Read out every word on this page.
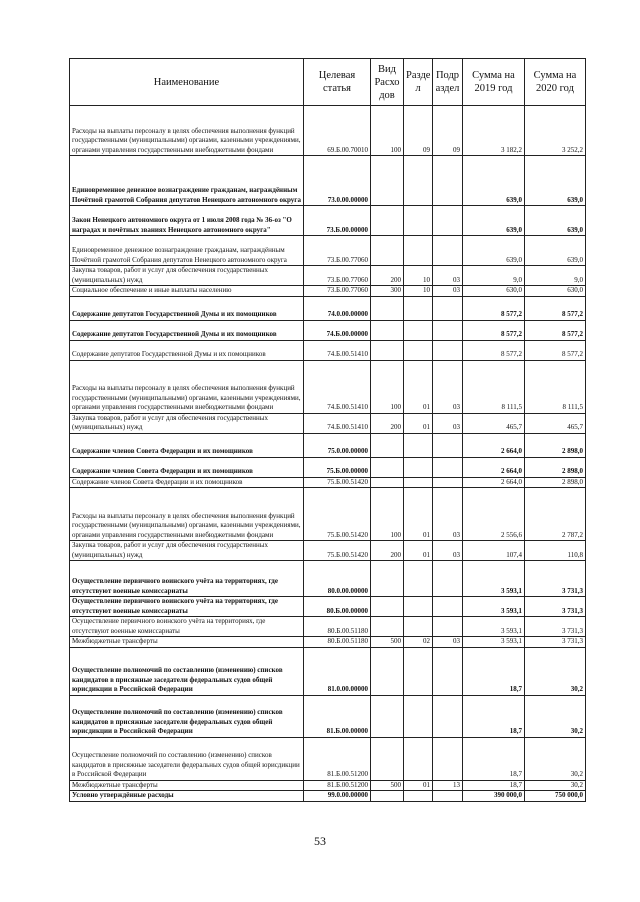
Наименование	Целевая статья	Вид Расхо дов	Разде л	Подр аздел	Сумма на 2019 год	Сумма на 2020 год
Расходы на выплаты персоналу в целях обеспечения выполнения функций государственными (муниципальными) органами, казенными учреждениями, органами управления государственными внебюджетными фондами	69.Б.00.70010	100	09	09	3 182,2	3 252,2
Единовременное денежное вознаграждение гражданам, награждённым Почётной грамотой Собрания депутатов Ненецкого автономного округа	73.0.00.00000				639,0	639,0
Закон Ненецкого автономного округа от 1 июля 2008 года № 36-оз "О наградах и почётных званиях Ненецкого автономного округа"	73.Б.00.00000				639,0	639,0
Единовременное денежное вознаграждение гражданам, награждённым Почётной грамотой Собрания депутатов Ненецкого автономного округа	73.Б.00.77060				639,0	639,0
Закупка товаров, работ и услуг для обеспечения государственных (муниципальных) нужд	73.Б.00.77060	200	10	03	9,0	9,0
Социальное обеспечение и иные выплаты населению	73.Б.00.77060	300	10	03	630,0	630,0
Содержание депутатов Государственной Думы и их помощников	74.0.00.00000				8 577,2	8 577,2
Содержание депутатов Государственной Думы и их помощников	74.Б.00.00000				8 577,2	8 577,2
Содержание депутатов Государственной Думы и их помощников	74.Б.00.51410				8 577,2	8 577,2
Расходы на выплаты персоналу в целях обеспечения выполнения функций государственными (муниципальными) органами, казенными учреждениями, органами управления государственными внебюджетными фондами	74.Б.00.51410	100	01	03	8 111,5	8 111,5
Закупка товаров, работ и услуг для обеспечения государственных (муниципальных) нужд	74.Б.00.51410	200	01	03	465,7	465,7
Содержание членов Совета Федерации и их помощников	75.0.00.00000				2 664,0	2 898,0
Содержание членов Совета Федерации и их помощников	75.Б.00.00000				2 664,0	2 898,0
Содержание членов Совета Федерации и их помощников	75.Б.00.51420				2 664,0	2 898,0
Расходы на выплаты персоналу в целях обеспечения выполнения функций государственными (муниципальными) органами, казенными учреждениями, органами управления государственными внебюджетными фондами	75.Б.00.51420	100	01	03	2 556,6	2 787,2
Закупка товаров, работ и услуг для обеспечения государственных (муниципальных) нужд	75.Б.00.51420	200	01	03	107,4	110,8
Осуществление первичного воинского учёта на территориях, где отсутствуют военные комиссариаты	80.0.00.00000				3 593,1	3 731,3
Осуществление первичного воинского учёта на территориях, где отсутствуют военные комиссариаты	80.Б.00.00000				3 593,1	3 731,3
Осуществление первичного воинского учёта на территориях, где отсутствуют военные комиссариаты	80.Б.00.51180				3 593,1	3 731,3
Межбюджетные трансферты	80.Б.00.51180	500	02	03	3 593,1	3 731,3
Осуществление полномочий по составлению (изменению) списков кандидатов в присяжные заседатели федеральных судов общей юрисдикции в Российской Федерации	81.0.00.00000				18,7	30,2
Осуществление полномочий по составлению (изменению) списков кандидатов в присяжные заседатели федеральных судов общей юрисдикции в Российской Федерации	81.Б.00.00000				18,7	30,2
Осуществление полномочий по составлению (изменению) списков кандидатов в присяжные заседатели федеральных судов общей юрисдикции в Российской Федерации	81.Б.00.51200				18,7	30,2
Межбюджетные трансферты	81.Б.00.51200	500	01	13	18,7	30,2
Условно утверждённые расходы	99.0.00.00000				390 000,0	750 000,0
53
